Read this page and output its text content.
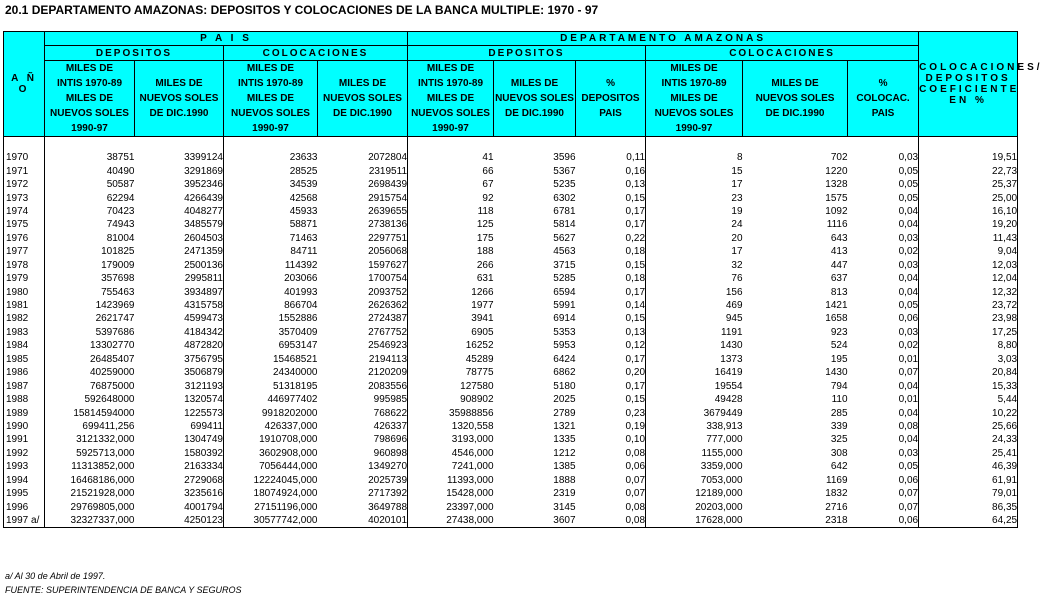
20.1 DEPARTAMENTO AMAZONAS: DEPOSITOS Y COLOCACIONES DE LA BANCA MULTIPLE: 1970 - 97
A Ñ O	P A I S				DEPARTAMENTO AMAZONAS						COLOCACIONES/
DEPOSITOS
COEFICIENTE
EN %
	DEPOSITOS		COLOCACIONES		DEPOSITOS			COLOCACIONES			
	MILES DE
INTIS 1970-89
MILES DE
NUEVOS SOLES
1990-97	MILES DE
NUEVOS SOLES
DE DIC.1990	MILES DE
INTIS 1970-89
MILES DE
NUEVOS SOLES
1990-97	MILES DE
NUEVOS SOLES
DE DIC.1990	MILES DE
INTIS 1970-89
MILES DE
NUEVOS SOLES
1990-97	MILES DE
NUEVOS SOLES
DE DIC.1990	%
DEPOSITOS
PAIS	MILES DE
INTIS 1970-89
MILES DE
NUEVOS SOLES
1990-97	MILES DE
NUEVOS SOLES
DE DIC.1990	%
COLOCAC.
PAIS	

1970	38751	3399124	23633	2072804	41	3596	0,11	8	702	0,03	19,51
1971	40490	3291869	28525	2319511	66	5367	0,16	15	1220	0,05	22,73
1972	50587	3952346	34539	2698439	67	5235	0,13	17	1328	0,05	25,37
1973	62294	4266439	42568	2915754	92	6302	0,15	23	1575	0,05	25,00
1974	70423	4048277	45933	2639655	118	6781	0,17	19	1092	0,04	16,10
1975	74943	3485579	58871	2738136	125	5814	0,17	24	1116	0,04	19,20
1976	81004	2604503	71463	2297751	175	5627	0,22	20	643	0,03	11,43
1977	101825	2471359	84711	2056068	188	4563	0,18	17	413	0,02	9,04
1978	179009	2500136	114392	1597627	266	3715	0,15	32	447	0,03	12,03
1979	357698	2995811	203066	1700754	631	5285	0,18	76	637	0,04	12,04
1980	755463	3934897	401993	2093752	1266	6594	0,17	156	813	0,04	12,32
1981	1423969	4315758	866704	2626362	1977	5991	0,14	469	1421	0,05	23,72
1982	2621747	4599473	1552886	2724387	3941	6914	0,15	945	1658	0,06	23,98
1983	5397686	4184342	3570409	2767752	6905	5353	0,13	1191	923	0,03	17,25
1984	13302770	4872820	6953147	2546923	16252	5953	0,12	1430	524	0,02	8,80
1985	26485407	3756795	15468521	2194113	45289	6424	0,17	1373	195	0,01	3,03
1986	40259000	3506879	24340000	2120209	78775	6862	0,20	16419	1430	0,07	20,84
1987	76875000	3121193	51318195	2083556	127580	5180	0,17	19554	794	0,04	15,33
1988	592648000	1320574	446977402	995985	908902	2025	0,15	49428	110	0,01	5,44
1989	15814594000	1225573	9918202000	768622	35988856	2789	0,23	3679449	285	0,04	10,22
1990	699411,256	699411	426337,000	426337	1320,558	1321	0,19	338,913	339	0,08	25,66
1991	3121332,000	1304749	1910708,000	798696	3193,000	1335	0,10	777,000	325	0,04	24,33
1992	5925713,000	1580392	3602908,000	960898	4546,000	1212	0,08	1155,000	308	0,03	25,41
1993	11313852,000	2163334	7056444,000	1349270	7241,000	1385	0,06	3359,000	642	0,05	46,39
1994	16468186,000	2729068	12224045,000	2025739	11393,000	1888	0,07	7053,000	1169	0,06	61,91
1995	21521928,000	3235616	18074924,000	2717392	15428,000	2319	0,07	12189,000	1832	0,07	79,01
1996	29769805,000	4001794	27151196,000	3649788	23397,000	3145	0,08	20203,000	2716	0,07	86,35
1997 a/	32327337,000	4250123	30577742,000	4020101	27438,000	3607	0,08	17628,000	2318	0,06	64,25
a/ Al 30 de Abril de 1997.
FUENTE: SUPERINTENDENCIA DE BANCA Y SEGUROS
